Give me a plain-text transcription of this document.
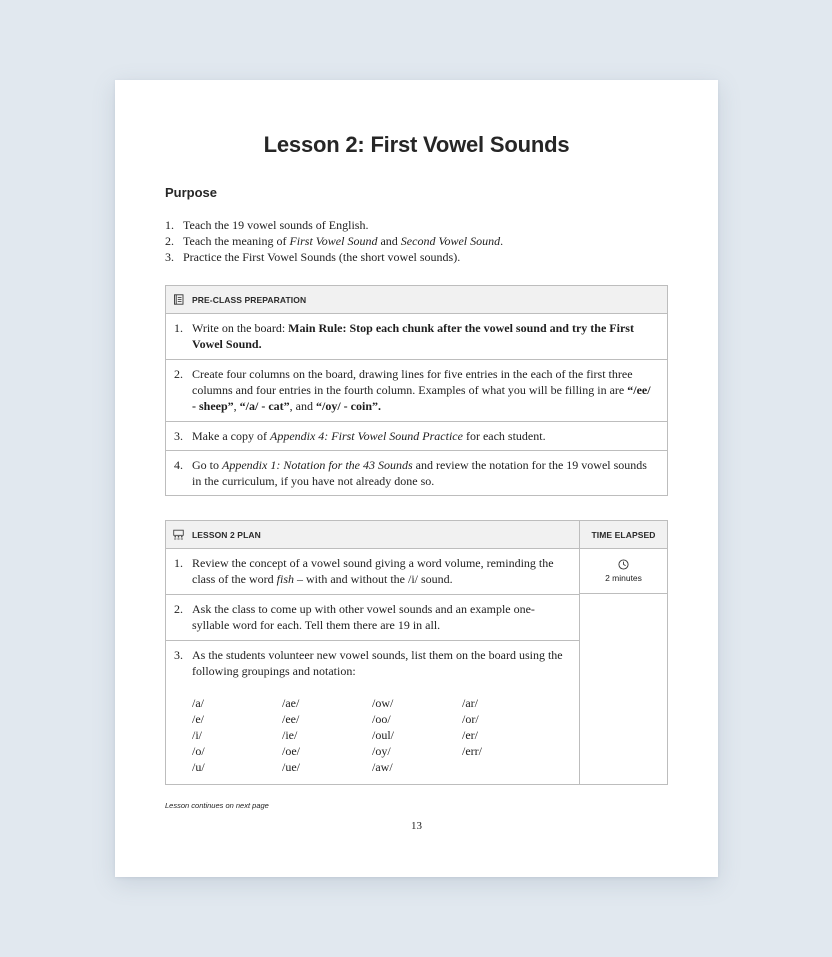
Lesson 2: First Vowel Sounds
Purpose
1. Teach the 19 vowel sounds of English.
2. Teach the meaning of First Vowel Sound and Second Vowel Sound.
3. Practice the First Vowel Sounds (the short vowel sounds).
PRE-CLASS PREPARATION
1. Write on the board: Main Rule: Stop each chunk after the vowel sound and try the First Vowel Sound.
2. Create four columns on the board, drawing lines for five entries in the each of the first three columns and four entries in the fourth column. Examples of what you will be filling in are “/ee/ - sheep”, “/a/ - cat”, and “/oy/ - coin”.
3. Make a copy of Appendix 4: First Vowel Sound Practice for each student.
4. Go to Appendix 1: Notation for the 43 Sounds and review the notation for the 19 vowel sounds in the curriculum, if you have not already done so.
LESSON 2 PLAN	TIME ELAPSED
1. Review the concept of a vowel sound giving a word volume, reminding the class of the word fish – with and without the /i/ sound.
2. Ask the class to come up with other vowel sounds and an example one-syllable word for each. Tell them there are 19 in all.
3. As the students volunteer new vowel sounds, list them on the board using the following groupings and notation:
/a/
/e/
/i/
/o/
/u/
/ae/
/ee/
/ie/
/oe/
/ue/
/ow/
/oo/
/oul/
/oy/
/aw/
/ar/
/or/
/er/
/err/
2 minutes
Lesson continues on next page
13
